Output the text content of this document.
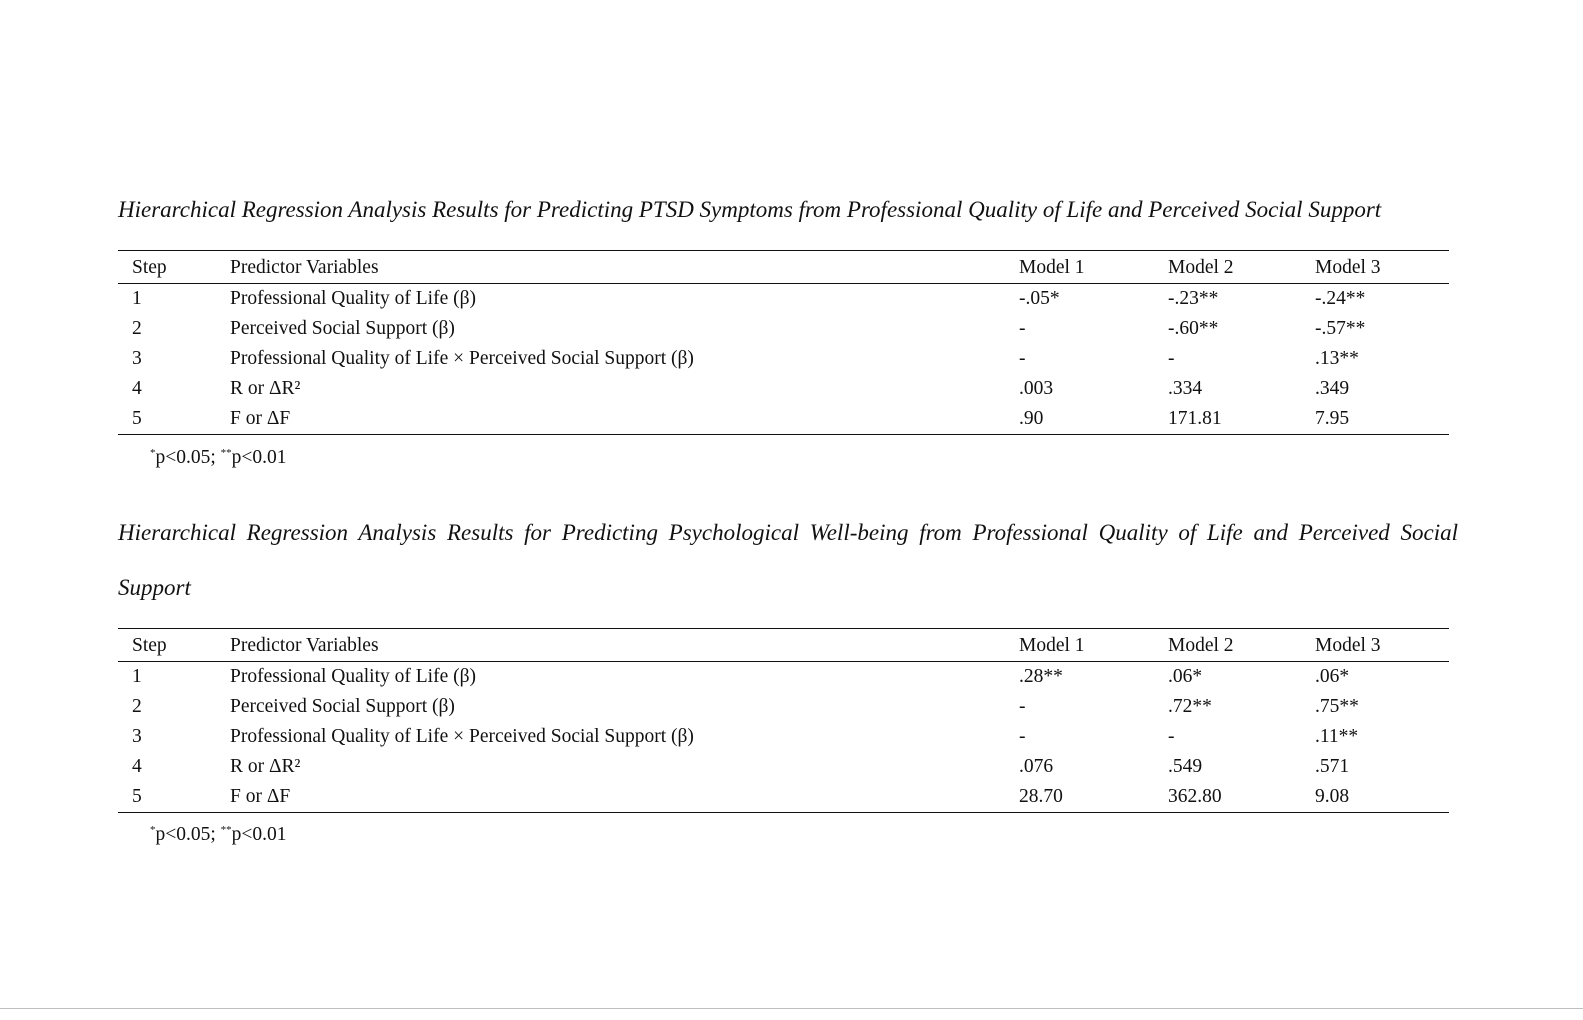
Hierarchical Regression Analysis Results for Predicting PTSD Symptoms from Professional Quality of Life and Perceived Social Support

Step	Predictor Variables	Model 1	Model 2	Model 3
1	Professional Quality of Life (β)	-.05*	-.23**	-.24**
2	Perceived Social Support (β)	-	-.60**	-.57**
3	Professional Quality of Life × Perceived Social Support (β)	-	-	.13**
4	R or ΔR²	.003	.334	.349
5	F or ΔF	.90	171.81	7.95
*p<0.05; **p<0.01

Hierarchical Regression Analysis Results for Predicting Psychological Well-being from Professional Quality of Life and Perceived Social Support

Step	Predictor Variables	Model 1	Model 2	Model 3
1	Professional Quality of Life (β)	.28**	.06*	.06*
2	Perceived Social Support (β)	-	.72**	.75**
3	Professional Quality of Life × Perceived Social Support (β)	-	-	.11**
4	R or ΔR²	.076	.549	.571
5	F or ΔF	28.70	362.80	9.08
*p<0.05; **p<0.01
